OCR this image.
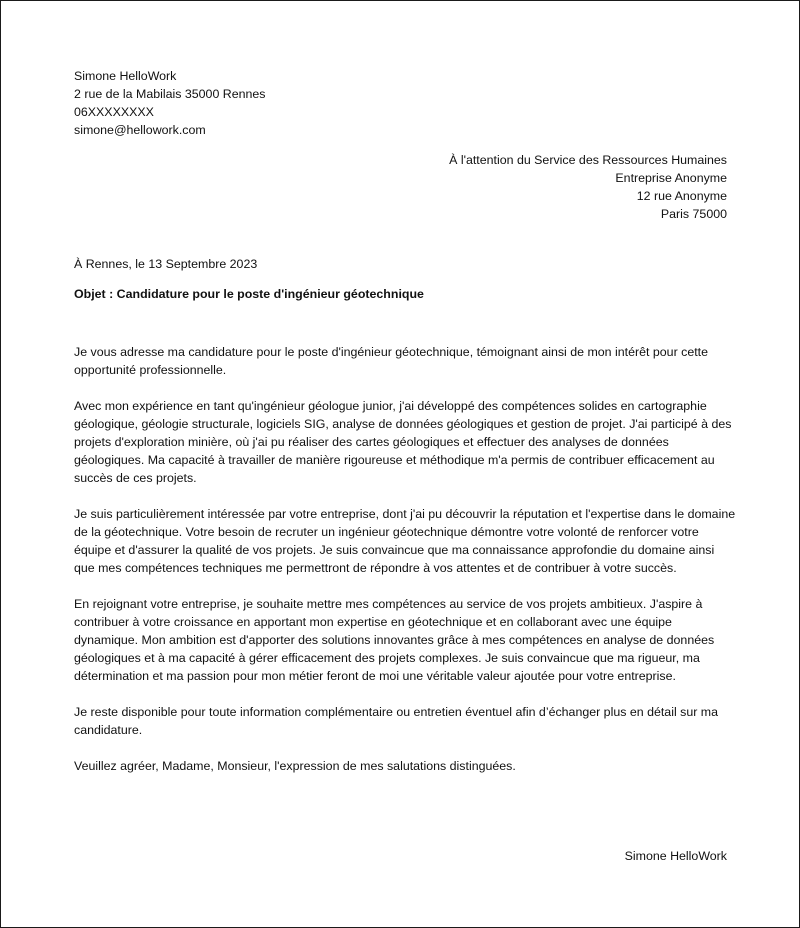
Simone HelloWork
2 rue de la Mabilais 35000 Rennes
06XXXXXXXX
simone@hellowork.com
À l'attention du Service des Ressources Humaines
Entreprise Anonyme
12 rue Anonyme
Paris 75000
À Rennes, le 13 Septembre 2023
Objet : Candidature pour le poste d'ingénieur géotechnique

Je vous adresse ma candidature pour le poste d'ingénieur géotechnique, témoignant ainsi de mon intérêt pour cette opportunité professionnelle.

Avec mon expérience en tant qu'ingénieur géologue junior, j'ai développé des compétences solides en cartographie géologique, géologie structurale, logiciels SIG, analyse de données géologiques et gestion de projet. J'ai participé à des projets d'exploration minière, où j'ai pu réaliser des cartes géologiques et effectuer des analyses de données géologiques. Ma capacité à travailler de manière rigoureuse et méthodique m'a permis de contribuer efficacement au succès de ces projets.

Je suis particulièrement intéressée par votre entreprise, dont j'ai pu découvrir la réputation et l'expertise dans le domaine de la géotechnique. Votre besoin de recruter un ingénieur géotechnique démontre votre volonté de renforcer votre équipe et d'assurer la qualité de vos projets. Je suis convaincue que ma connaissance approfondie du domaine ainsi que mes compétences techniques me permettront de répondre à vos attentes et de contribuer à votre succès.

En rejoignant votre entreprise, je souhaite mettre mes compétences au service de vos projets ambitieux. J'aspire à contribuer à votre croissance en apportant mon expertise en géotechnique et en collaborant avec une équipe dynamique. Mon ambition est d'apporter des solutions innovantes grâce à mes compétences en analyse de données géologiques et à ma capacité à gérer efficacement des projets complexes. Je suis convaincue que ma rigueur, ma détermination et ma passion pour mon métier feront de moi une véritable valeur ajoutée pour votre entreprise.

Je reste disponible pour toute information complémentaire ou entretien éventuel afin d’échanger plus en détail sur ma candidature.

Veuillez agréer, Madame, Monsieur, l'expression de mes salutations distinguées.

Simone HelloWork
